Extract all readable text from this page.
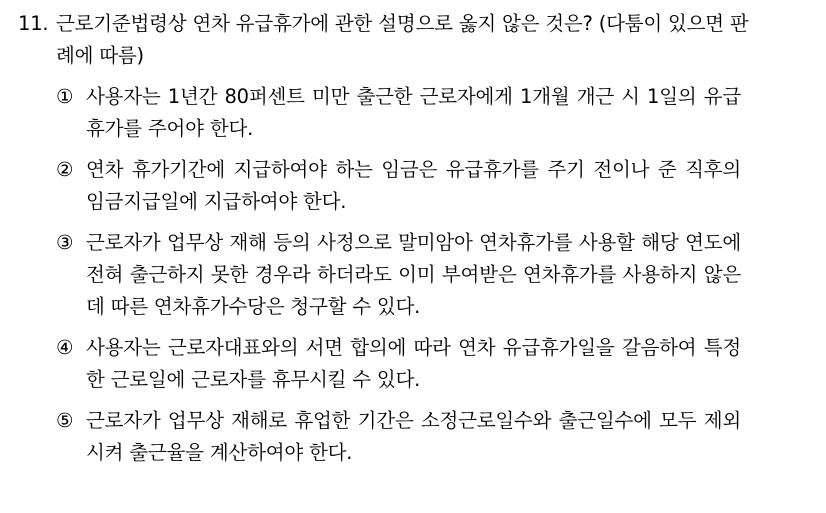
11. 근로기준법령상 연차 유급휴가에 관한 설명으로 옳지 않은 것은? (다툼이 있으면 판례에 따름)
① 사용자는 1년간 80퍼센트 미만 출근한 근로자에게 1개월 개근 시 1일의 유급휴가를 주어야 한다.
② 연차 휴가기간에 지급하여야 하는 임금은 유급휴가를 주기 전이나 준 직후의 임금지급일에 지급하여야 한다.
③ 근로자가 업무상 재해 등의 사정으로 말미암아 연차휴가를 사용할 해당 연도에 전혀 출근하지 못한 경우라 하더라도 이미 부여받은 연차휴가를 사용하지 않은 데 따른 연차휴가수당은 청구할 수 있다.
④ 사용자는 근로자대표와의 서면 합의에 따라 연차 유급휴가일을 갈음하여 특정한 근로일에 근로자를 휴무시킬 수 있다.
⑤ 근로자가 업무상 재해로 휴업한 기간은 소정근로일수와 출근일수에 모두 제외시켜 출근율을 계산하여야 한다.
